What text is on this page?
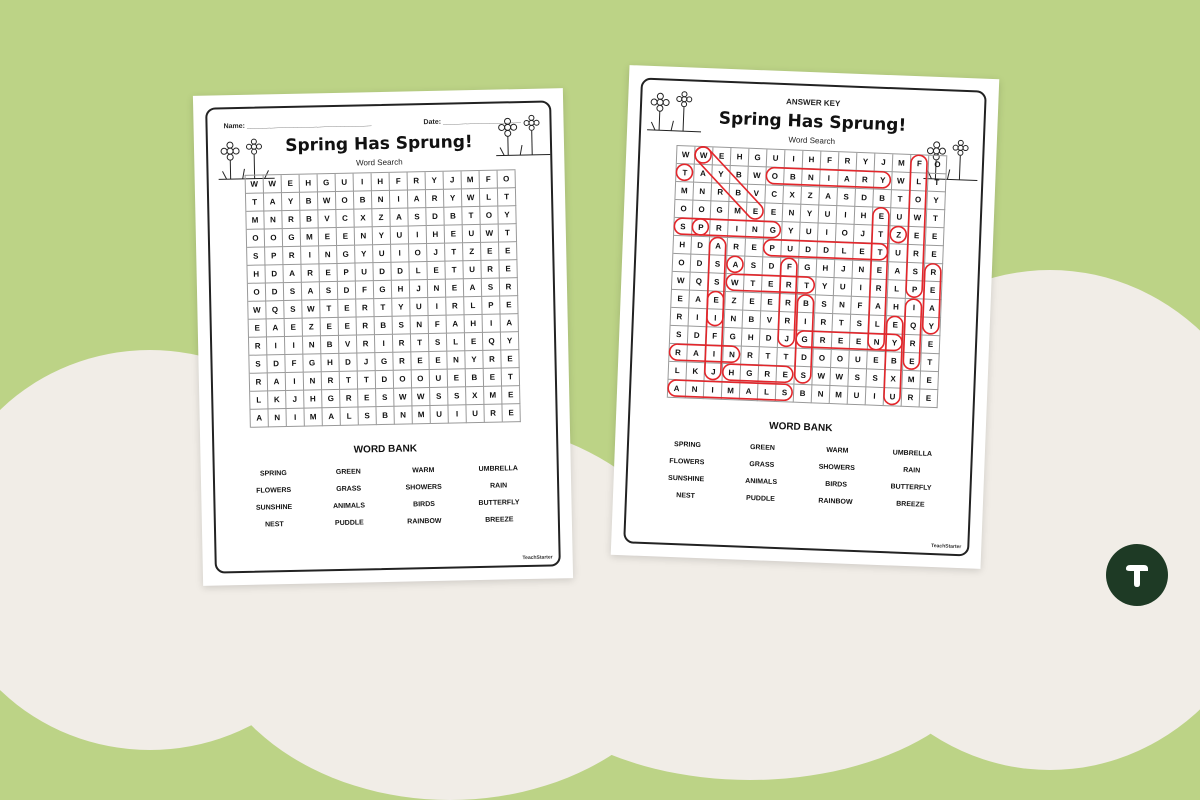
Name: ________________________________	Date: ____________________
Spring Has Sprung!
Word Search
W	W	E	H	G	U	I	H	F	R	Y	J	M	F	O
T	A	Y	B	W	O	B	N	I	A	R	Y	W	L	T
M	N	R	B	V	C	X	Z	A	S	D	B	T	O	Y
O	O	G	M	E	E	N	Y	U	I	H	E	U	W	T
S	P	R	I	N	G	Y	U	I	O	J	T	Z	E	E
H	D	A	R	E	P	U	D	D	L	E	T	U	R	E
O	D	S	A	S	D	F	G	H	J	N	E	A	S	R
W	Q	S	W	T	E	R	T	Y	U	I	R	L	P	E
E	A	E	Z	E	E	R	B	S	N	F	A	H	I	A
R	I	I	N	B	V	R	I	R	T	S	L	E	Q	Y
S	D	F	G	H	D	J	G	R	E	E	N	Y	R	E
R	A	I	N	R	T	T	D	O	O	U	E	B	E	T
L	K	J	H	G	R	E	S	W	W	S	S	X	M	E
A	N	I	M	A	L	S	B	N	M	U	I	U	R	E
WORD BANK
SPRING	GREEN	WARM	UMBRELLA
FLOWERS	GRASS	SHOWERS	RAIN
SUNSHINE	ANIMALS	BIRDS	BUTTERFLY
NEST	PUDDLE	RAINBOW	BREEZE
TeachStarter
ANSWER KEY
Spring Has Sprung!
Word Search
W	W	E	H	G	U	I	H	F	R	Y	J	M	F	O
T	A	Y	B	W	O	B	N	I	A	R	Y	W	L	T
M	N	R	B	V	C	X	Z	A	S	D	B	T	O	Y
O	O	G	M	E	E	N	Y	U	I	H	E	U	W	T
S	P	R	I	N	G	Y	U	I	O	J	T	Z	E	E
H	D	A	R	E	P	U	D	D	L	E	T	U	R	E
O	D	S	A	S	D	F	G	H	J	N	E	A	S	R
W	Q	S	W	T	E	R	T	Y	U	I	R	L	P	E
E	A	E	Z	E	E	R	B	S	N	F	A	H	I	A
R	I	I	N	B	V	R	I	R	T	S	L	E	Q	Y
S	D	F	G	H	D	J	G	R	E	E	N	Y	R	E
R	A	I	N	R	T	T	D	O	O	U	E	B	E	T
L	K	J	H	G	R	E	S	W	W	S	S	X	M	E
A	N	I	M	A	L	S	B	N	M	U	I	U	R	E
WORD BANK
SPRING	GREEN	WARM	UMBRELLA
FLOWERS	GRASS	SHOWERS	RAIN
SUNSHINE	ANIMALS	BIRDS	BUTTERFLY
NEST	PUDDLE	RAINBOW	BREEZE
TeachStarter
